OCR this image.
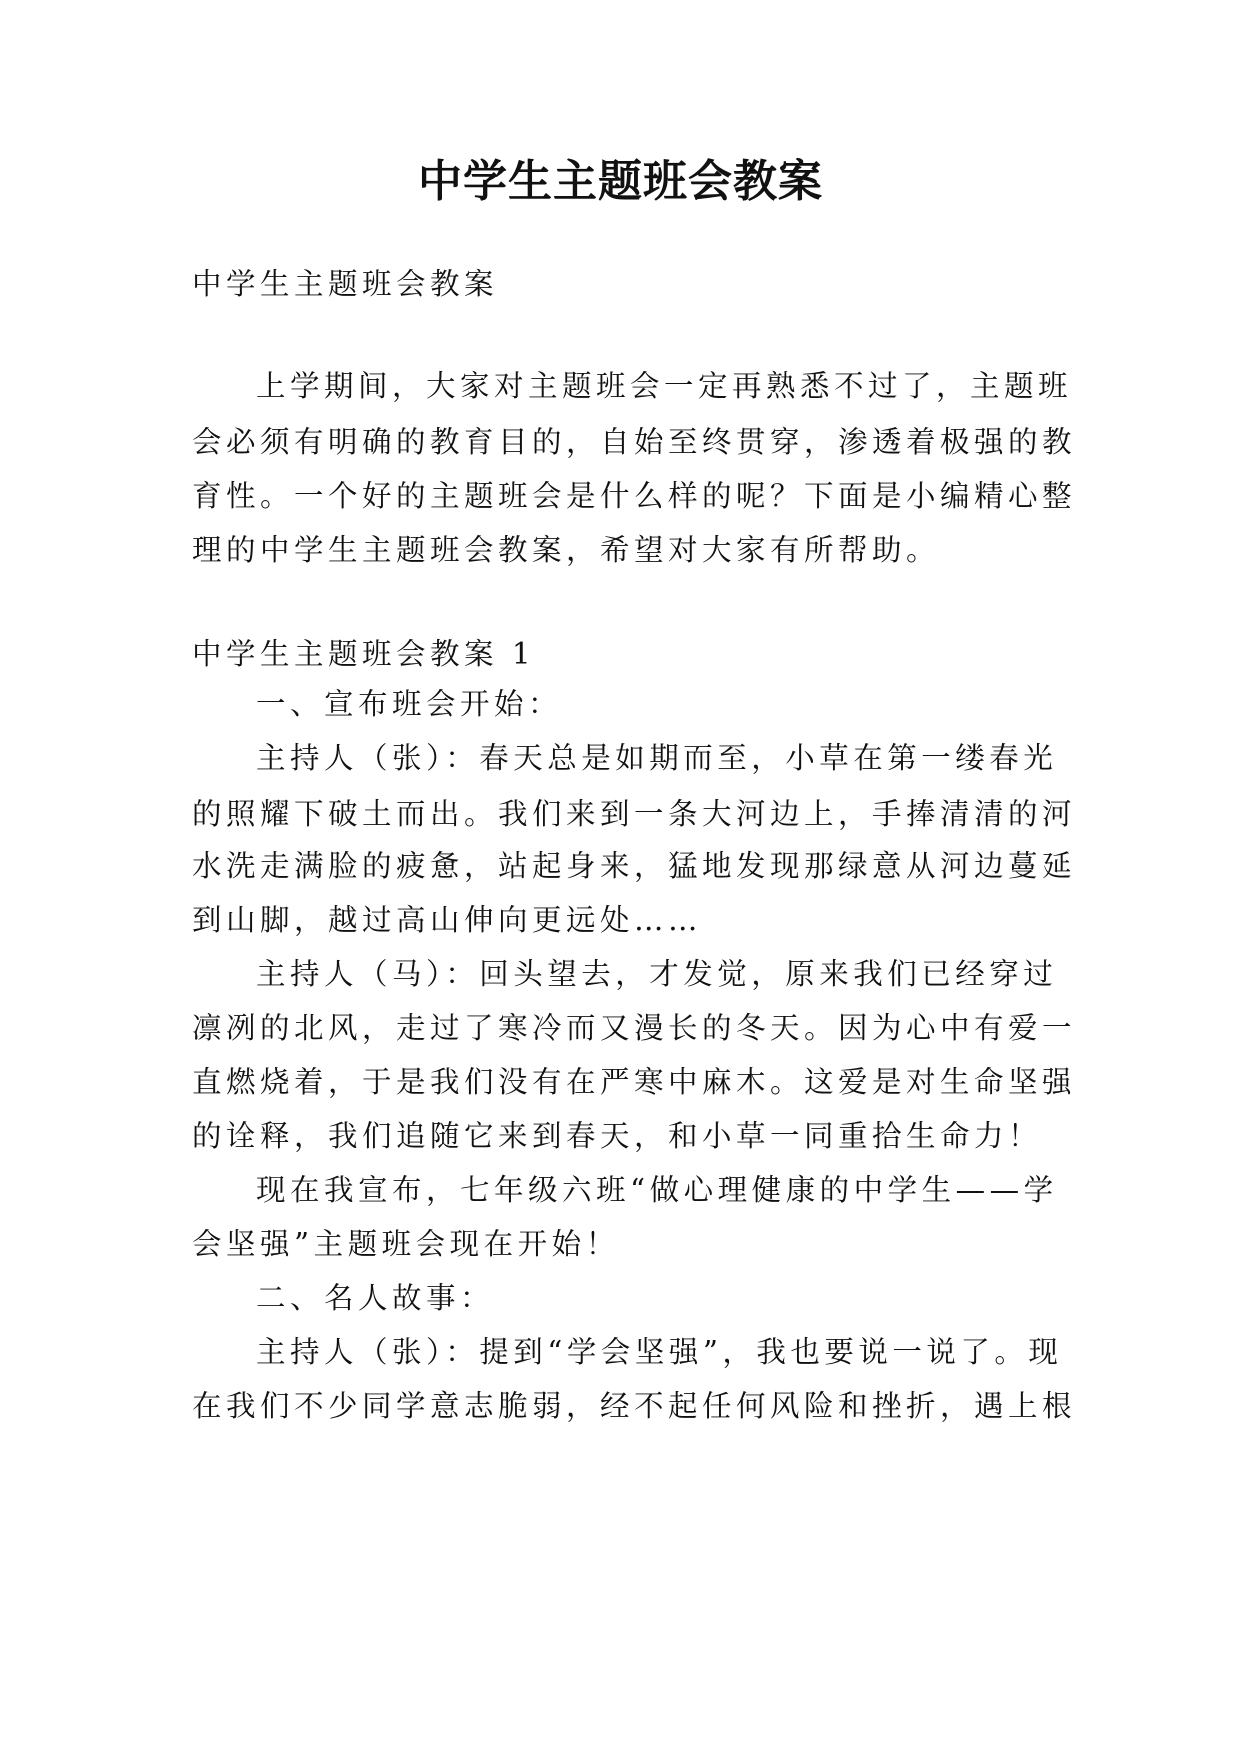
中学生主题班会教案

中学生主题班会教案

上学期间，大家对主题班会一定再熟悉不过了，主题班

会必须有明确的教育目的，自始至终贯穿，渗透着极强的教

育性。一个好的主题班会是什么样的呢？下面是小编精心整

理的中学生主题班会教案，希望对大家有所帮助。

中学生主题班会教案 1

一、宣布班会开始：

主持人（张）：春天总是如期而至，小草在第一缕春光

的照耀下破土而出。我们来到一条大河边上，手捧清清的河

水洗走满脸的疲惫，站起身来，猛地发现那绿意从河边蔓延

到山脚，越过高山伸向更远处……

主持人（马）：回头望去，才发觉，原来我们已经穿过

凛冽的北风，走过了寒冷而又漫长的冬天。因为心中有爱一

直燃烧着，于是我们没有在严寒中麻木。这爱是对生命坚强

的诠释，我们追随它来到春天，和小草一同重拾生命力！

现在我宣布，七年级六班“做心理健康的中学生——学

会坚强”主题班会现在开始！

二、名人故事：

主持人（张）：提到“学会坚强”，我也要说一说了。现

在我们不少同学意志脆弱，经不起任何风险和挫折，遇上根
